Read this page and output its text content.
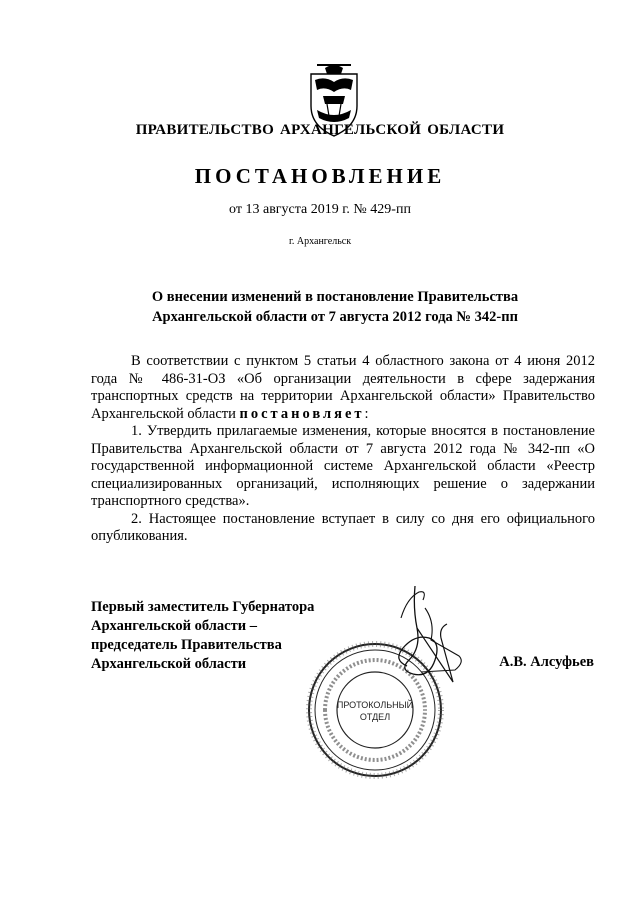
ПРАВИТЕЛЬСТВО АРХАНГЕЛЬСКОЙ ОБЛАСТИ
ПОСТАНОВЛЕНИЕ
от 13 августа 2019 г. № 429-пп
г. Архангельск
О внесении изменений в постановление Правительства
Архангельской области от 7 августа 2012 года № 342-пп

В соответствии с пунктом 5 статьи 4 областного закона от 4 июня 2012 года № 486-31-ОЗ «Об организации деятельности в сфере задержания транспортных средств на территории Архангельской области» Правительство Архангельской области постановляет:

1. Утвердить прилагаемые изменения, которые вносятся в постановление Правительства Архангельской области от 7 августа 2012 года № 342-пп «О государственной информационной системе Архангельской области «Реестр специализированных организаций, исполняющих решение о задержании транспортного средства».

2. Настоящее постановление вступает в силу со дня его официального опубликования.

Первый заместитель Губернатора
Архангельской области –
председатель Правительства
Архангельской области
ПРОТОКОЛЬНЫЙ
ОТДЕЛ
А.В. Алсуфьев
